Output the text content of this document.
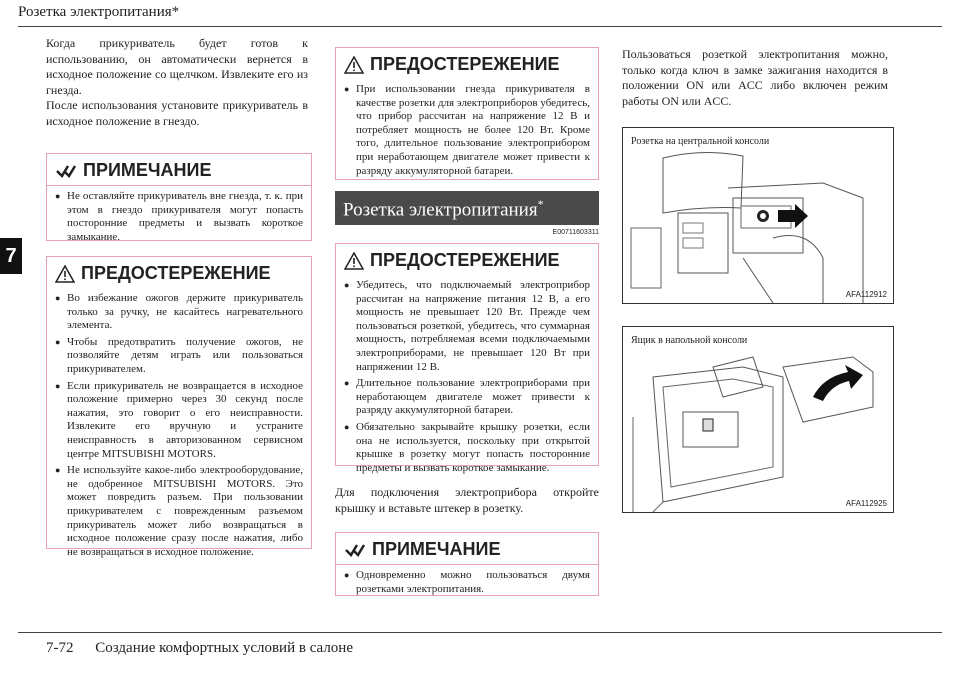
Розетка электропитания*
7
Когда прикуриватель будет готов к использованию, он автоматически вернется в исходное положение со щелчком. Извлеките его из гнезда.
После использования установите прикуриватель в исходное положение в гнездо.
ПРИМЕЧАНИЕ
● Не оставляйте прикуриватель вне гнезда, т. к. при этом в гнездо прикуривателя могут попасть посторонние предметы и вызвать короткое замыкание.
ПРЕДОСТЕРЕЖЕНИЕ
● Во избежание ожогов держите прикуриватель только за ручку, не касайтесь нагревательного элемента.
● Чтобы предотвратить получение ожогов, не позволяйте детям играть или пользоваться прикуривателем.
● Если прикуриватель не возвращается в исходное положение примерно через 30 секунд после нажатия, это говорит о его неисправности. Извлеките его вручную и устраните неисправность в авторизованном сервисном центре MITSUBISHI MOTORS.
● Не используйте какое-либо электрооборудование, не одобренное MITSUBISHI MOTORS. Это может повредить разъем. При пользовании прикуривателем с поврежденным разъемом прикуриватель может либо возвращаться в исходное положение сразу после нажатия, либо не возвращаться в исходное положение.
ПРЕДОСТЕРЕЖЕНИЕ
● При использовании гнезда прикуривателя в качестве розетки для электроприборов убедитесь, что прибор рассчитан на напряжение 12 В и потребляет мощность не более 120 Вт. Кроме того, длительное пользование электроприбором при неработающем двигателе может привести к разряду аккумуляторной батареи.
Розетка электропитания*
E00711603311
ПРЕДОСТЕРЕЖЕНИЕ
● Убедитесь, что подключаемый электроприбор рассчитан на напряжение питания 12 В, а его мощность не превышает 120 Вт. Прежде чем пользоваться розеткой, убедитесь, что суммарная мощность, потребляемая всеми подключаемыми электроприборами, не превышает 120 Вт при напряжении 12 В.
● Длительное пользование электроприборами при неработающем двигателе может привести к разряду аккумуляторной батареи.
● Обязательно закрывайте крышку розетки, если она не используется, поскольку при открытой крышке в розетку могут попасть посторонние предметы и вызвать короткое замыкание.
Для подключения электроприбора откройте крышку и вставьте штекер в розетку.
ПРИМЕЧАНИЕ
● Одновременно можно пользоваться двумя розетками электропитания.
Пользоваться розеткой электропитания можно, только когда ключ в замке зажигания находится в положении ON или ACC либо включен режим работы ON или ACC.
Розетка на центральной консоли
AFA112912
Ящик в напольной консоли
AFA112925
7-72 Создание комфортных условий в салоне
